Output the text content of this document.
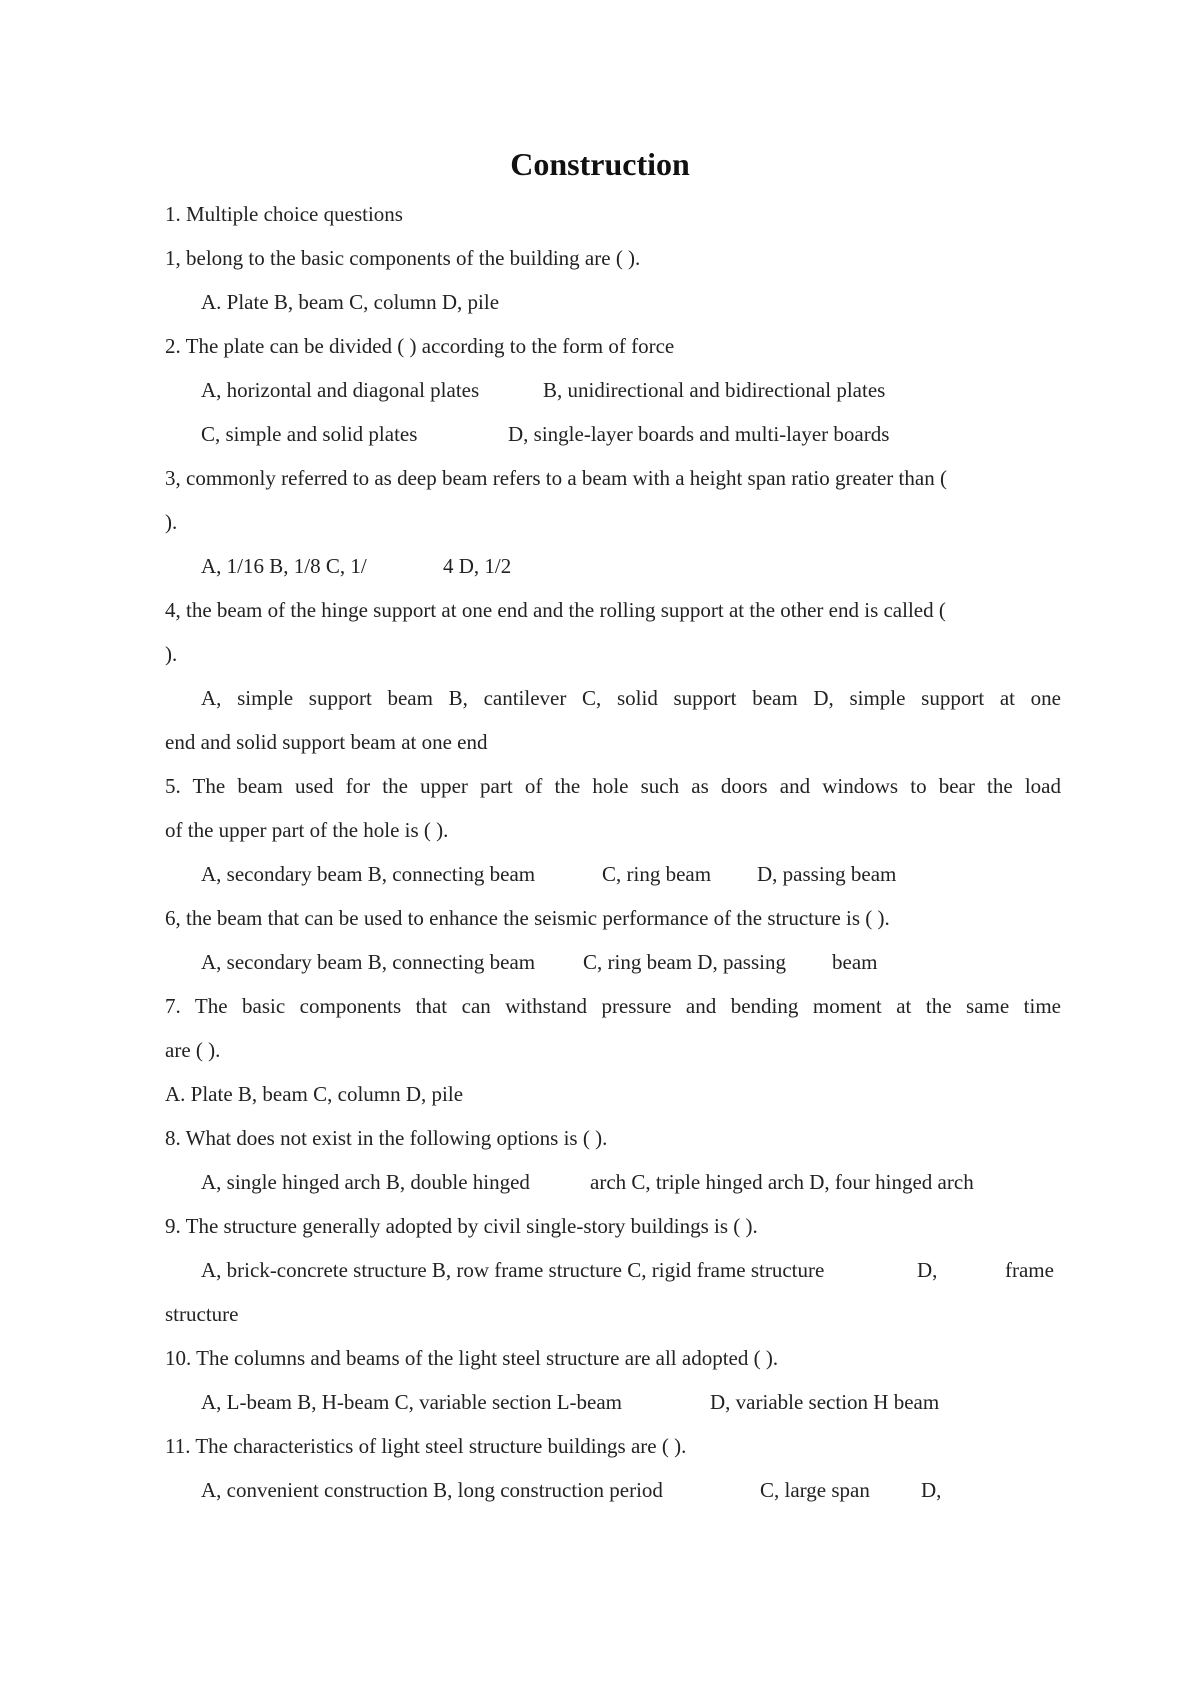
Construction
1. Multiple choice questions
1, belong to the basic components of the building are ( ).
A. Plate B, beam C, column D, pile
2. The plate can be divided ( ) according to the form of force
A, horizontal and diagonal plates	B, unidirectional and bidirectional plates
C, simple and solid plates	D, single-layer boards and multi-layer boards
3, commonly referred to as deep beam refers to a beam with a height span ratio greater than (
).
A, 1/16 B, 1/8 C, 1/	4 D, 1/2
4, the beam of the hinge support at one end and the rolling support at the other end is called (
).
A, simple support beam B, cantilever C, solid support beam D, simple support at one
end and solid support beam at one end
5. The beam used for the upper part of the hole such as doors and windows to bear the load
of the upper part of the hole is ( ).
A, secondary beam B, connecting beam	C, ring beam D, passing beam
6, the beam that can be used to enhance the seismic performance of the structure is ( ).
A, secondary beam B, connecting beam C, ring beam D, passing beam
7. The basic components that can withstand pressure and bending moment at the same time
are ( ).
A. Plate B, beam C, column D, pile
8. What does not exist in the following options is ( ).
A, single hinged arch B, double hinged	arch C, triple hinged arch D, four hinged arch
9. The structure generally adopted by civil single-story buildings is ( ).
A, brick-concrete structure B, row frame structure C, rigid frame structure	D,	frame
structure
10. The columns and beams of the light steel structure are all adopted ( ).
A, L-beam B, H-beam C, variable section L-beam	D, variable section H beam
11. The characteristics of light steel structure buildings are ( ).
A, convenient construction B, long construction period	C, large span D,
